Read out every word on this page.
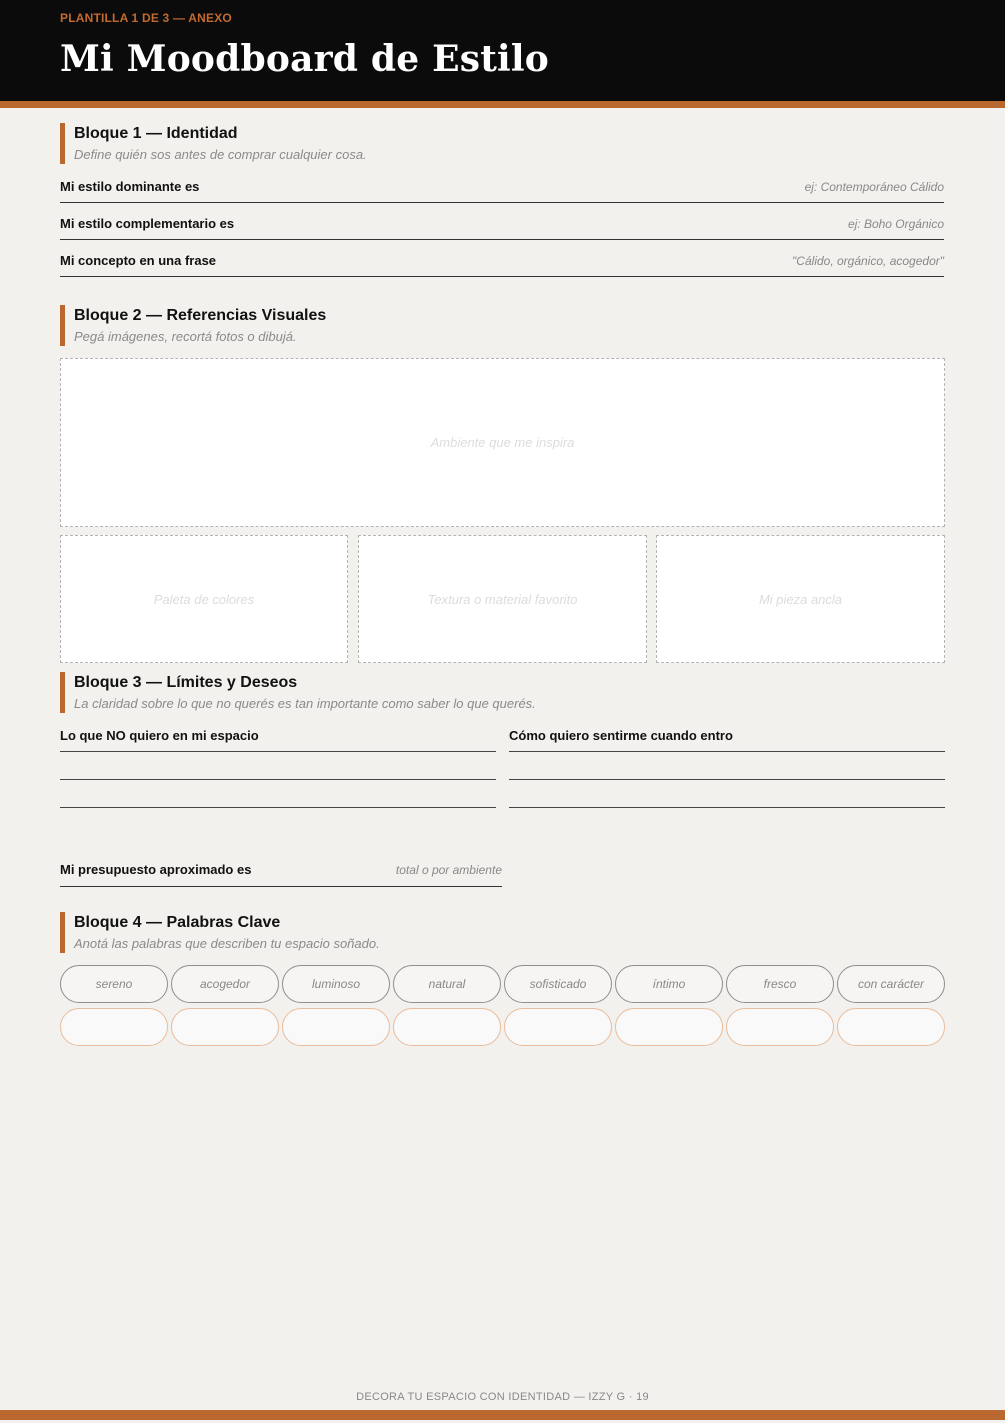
PLANTILLA 1 DE 3 — ANEXO
Mi Moodboard de Estilo
Bloque 1 — Identidad
Define quién sos antes de comprar cualquier cosa.
Mi estilo dominante es	ej: Contemporáneo Cálido
Mi estilo complementario es	ej: Boho Orgánico
Mi concepto en una frase	"Cálido, orgánico, acogedor"
Bloque 2 — Referencias Visuales
Pegá imágenes, recortá fotos o dibujá.
Ambiente que me inspira
Paleta de colores	Textura o material favorito	Mi pieza ancla
Bloque 3 — Límites y Deseos
La claridad sobre lo que no querés es tan importante como saber lo que querés.
Lo que NO quiero en mi espacio	Cómo quiero sentirme cuando entro
Mi presupuesto aproximado es	total o por ambiente
Bloque 4 — Palabras Clave
Anotá las palabras que describen tu espacio soñado.
sereno	acogedor	luminoso	natural	sofisticado	íntimo	fresco	con carácter
DECORA TU ESPACIO CON IDENTIDAD — IZZY G · 19
